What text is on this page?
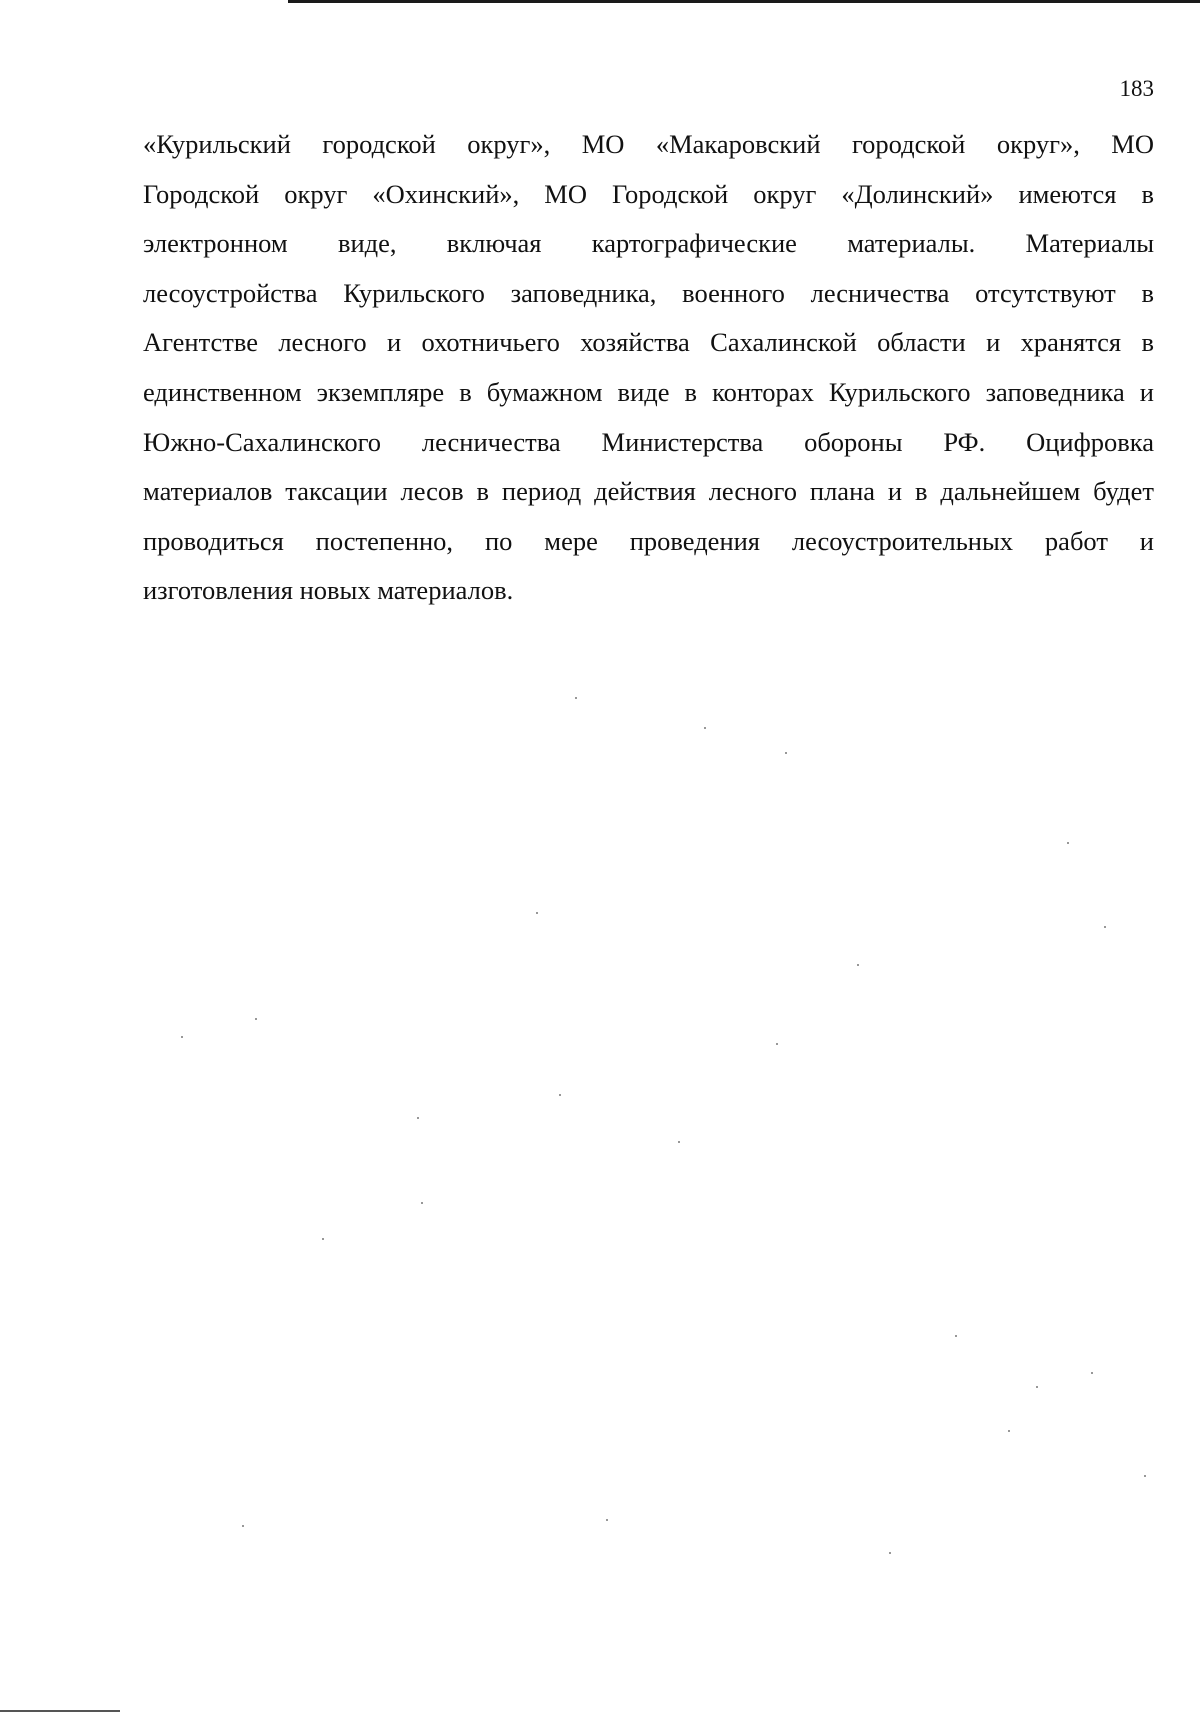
183
«Курильский городской округ», МО «Макаровский городской округ», МО
Городской округ «Охинский», МО Городской округ «Долинский» имеются в
электронном виде, включая картографические материалы. Материалы
лесоустройства Курильского заповедника, военного лесничества отсутствуют в
Агентстве лесного и охотничьего хозяйства Сахалинской области и хранятся в
единственном экземпляре в бумажном виде в конторах Курильского заповедника и
Южно-Сахалинского лесничества Министерства обороны РФ. Оцифровка
материалов таксации лесов в период действия лесного плана и в дальнейшем будет
проводиться постепенно, по мере проведения лесоустроительных работ и
изготовления новых материалов.
